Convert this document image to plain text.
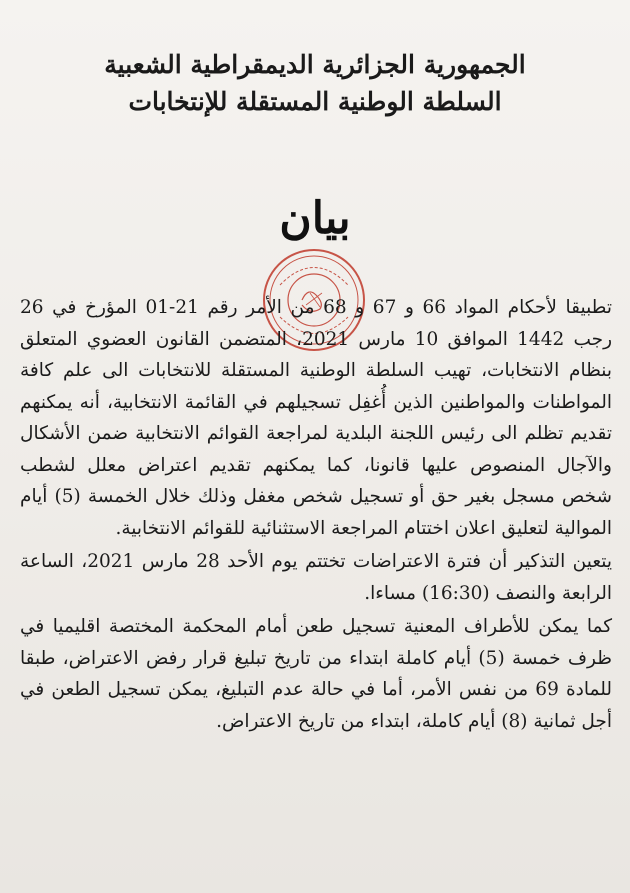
الجمهورية الجزائرية الديمقراطية الشعبية
السلطة الوطنية المستقلة للإنتخابات
بيان

تطبيقا لأحكام المواد 66 و 67 و 68 من الأمر رقم 21-01 المؤرخ في 26 رجب 1442 الموافق 10 مارس 2021، المتضمن القانون العضوي المتعلق بنظام الانتخابات، تهيب السلطة الوطنية المستقلة للانتخابات الى علم كافة المواطنات والمواطنين الذين أُغفِل تسجيلهم في القائمة الانتخابية، أنه يمكنهم تقديم تظلم الى رئيس اللجنة البلدية لمراجعة القوائم الانتخابية ضمن الأشكال والآجال المنصوص عليها قانونا، كما يمكنهم تقديم اعتراض معلل لشطب شخص مسجل بغير حق أو تسجيل شخص مغفل وذلك خلال الخمسة (5) أيام الموالية لتعليق اعلان اختتام المراجعة الاستثنائية للقوائم الانتخابية.

يتعين التذكير أن فترة الاعتراضات تختتم يوم الأحد 28 مارس 2021، الساعة الرابعة والنصف (16:30) مساءا.

كما يمكن للأطراف المعنية تسجيل طعن أمام المحكمة المختصة اقليميا في ظرف خمسة (5) أيام كاملة ابتداء من تاريخ تبليغ قرار رفض الاعتراض، طبقا للمادة 69 من نفس الأمر، أما في حالة عدم التبليغ، يمكن تسجيل الطعن في أجل ثمانية (8) أيام كاملة، ابتداء من تاريخ الاعتراض.
